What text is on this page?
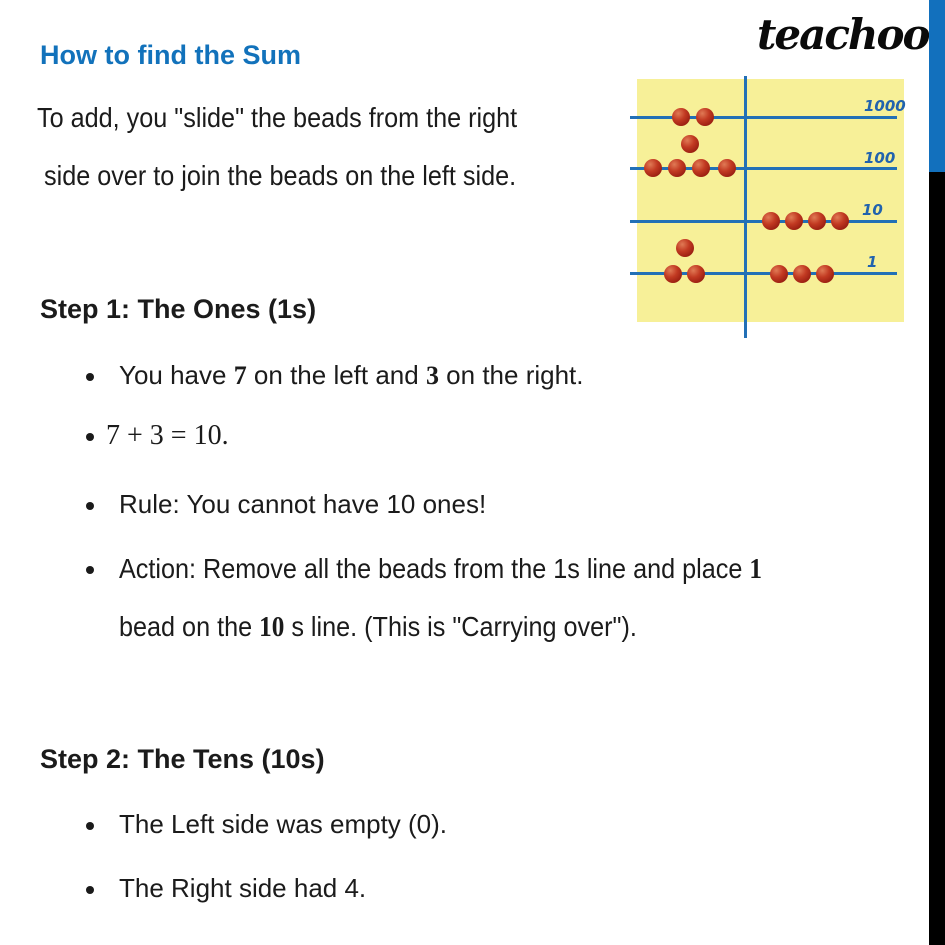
How to find the Sum	teachoo
To add, you "slide" the beads from the right
side over to join the beads on the left side.
1000
100
10
1
Step 1: The Ones (1s)
You have 7 on the left and 3 on the right.
7 + 3 = 10.
Rule: You cannot have 10 ones!
Action: Remove all the beads from the 1s line and place 1
bead on the 10 s line. (This is "Carrying over").
Step 2: The Tens (10s)
The Left side was empty (0).
The Right side had 4.
